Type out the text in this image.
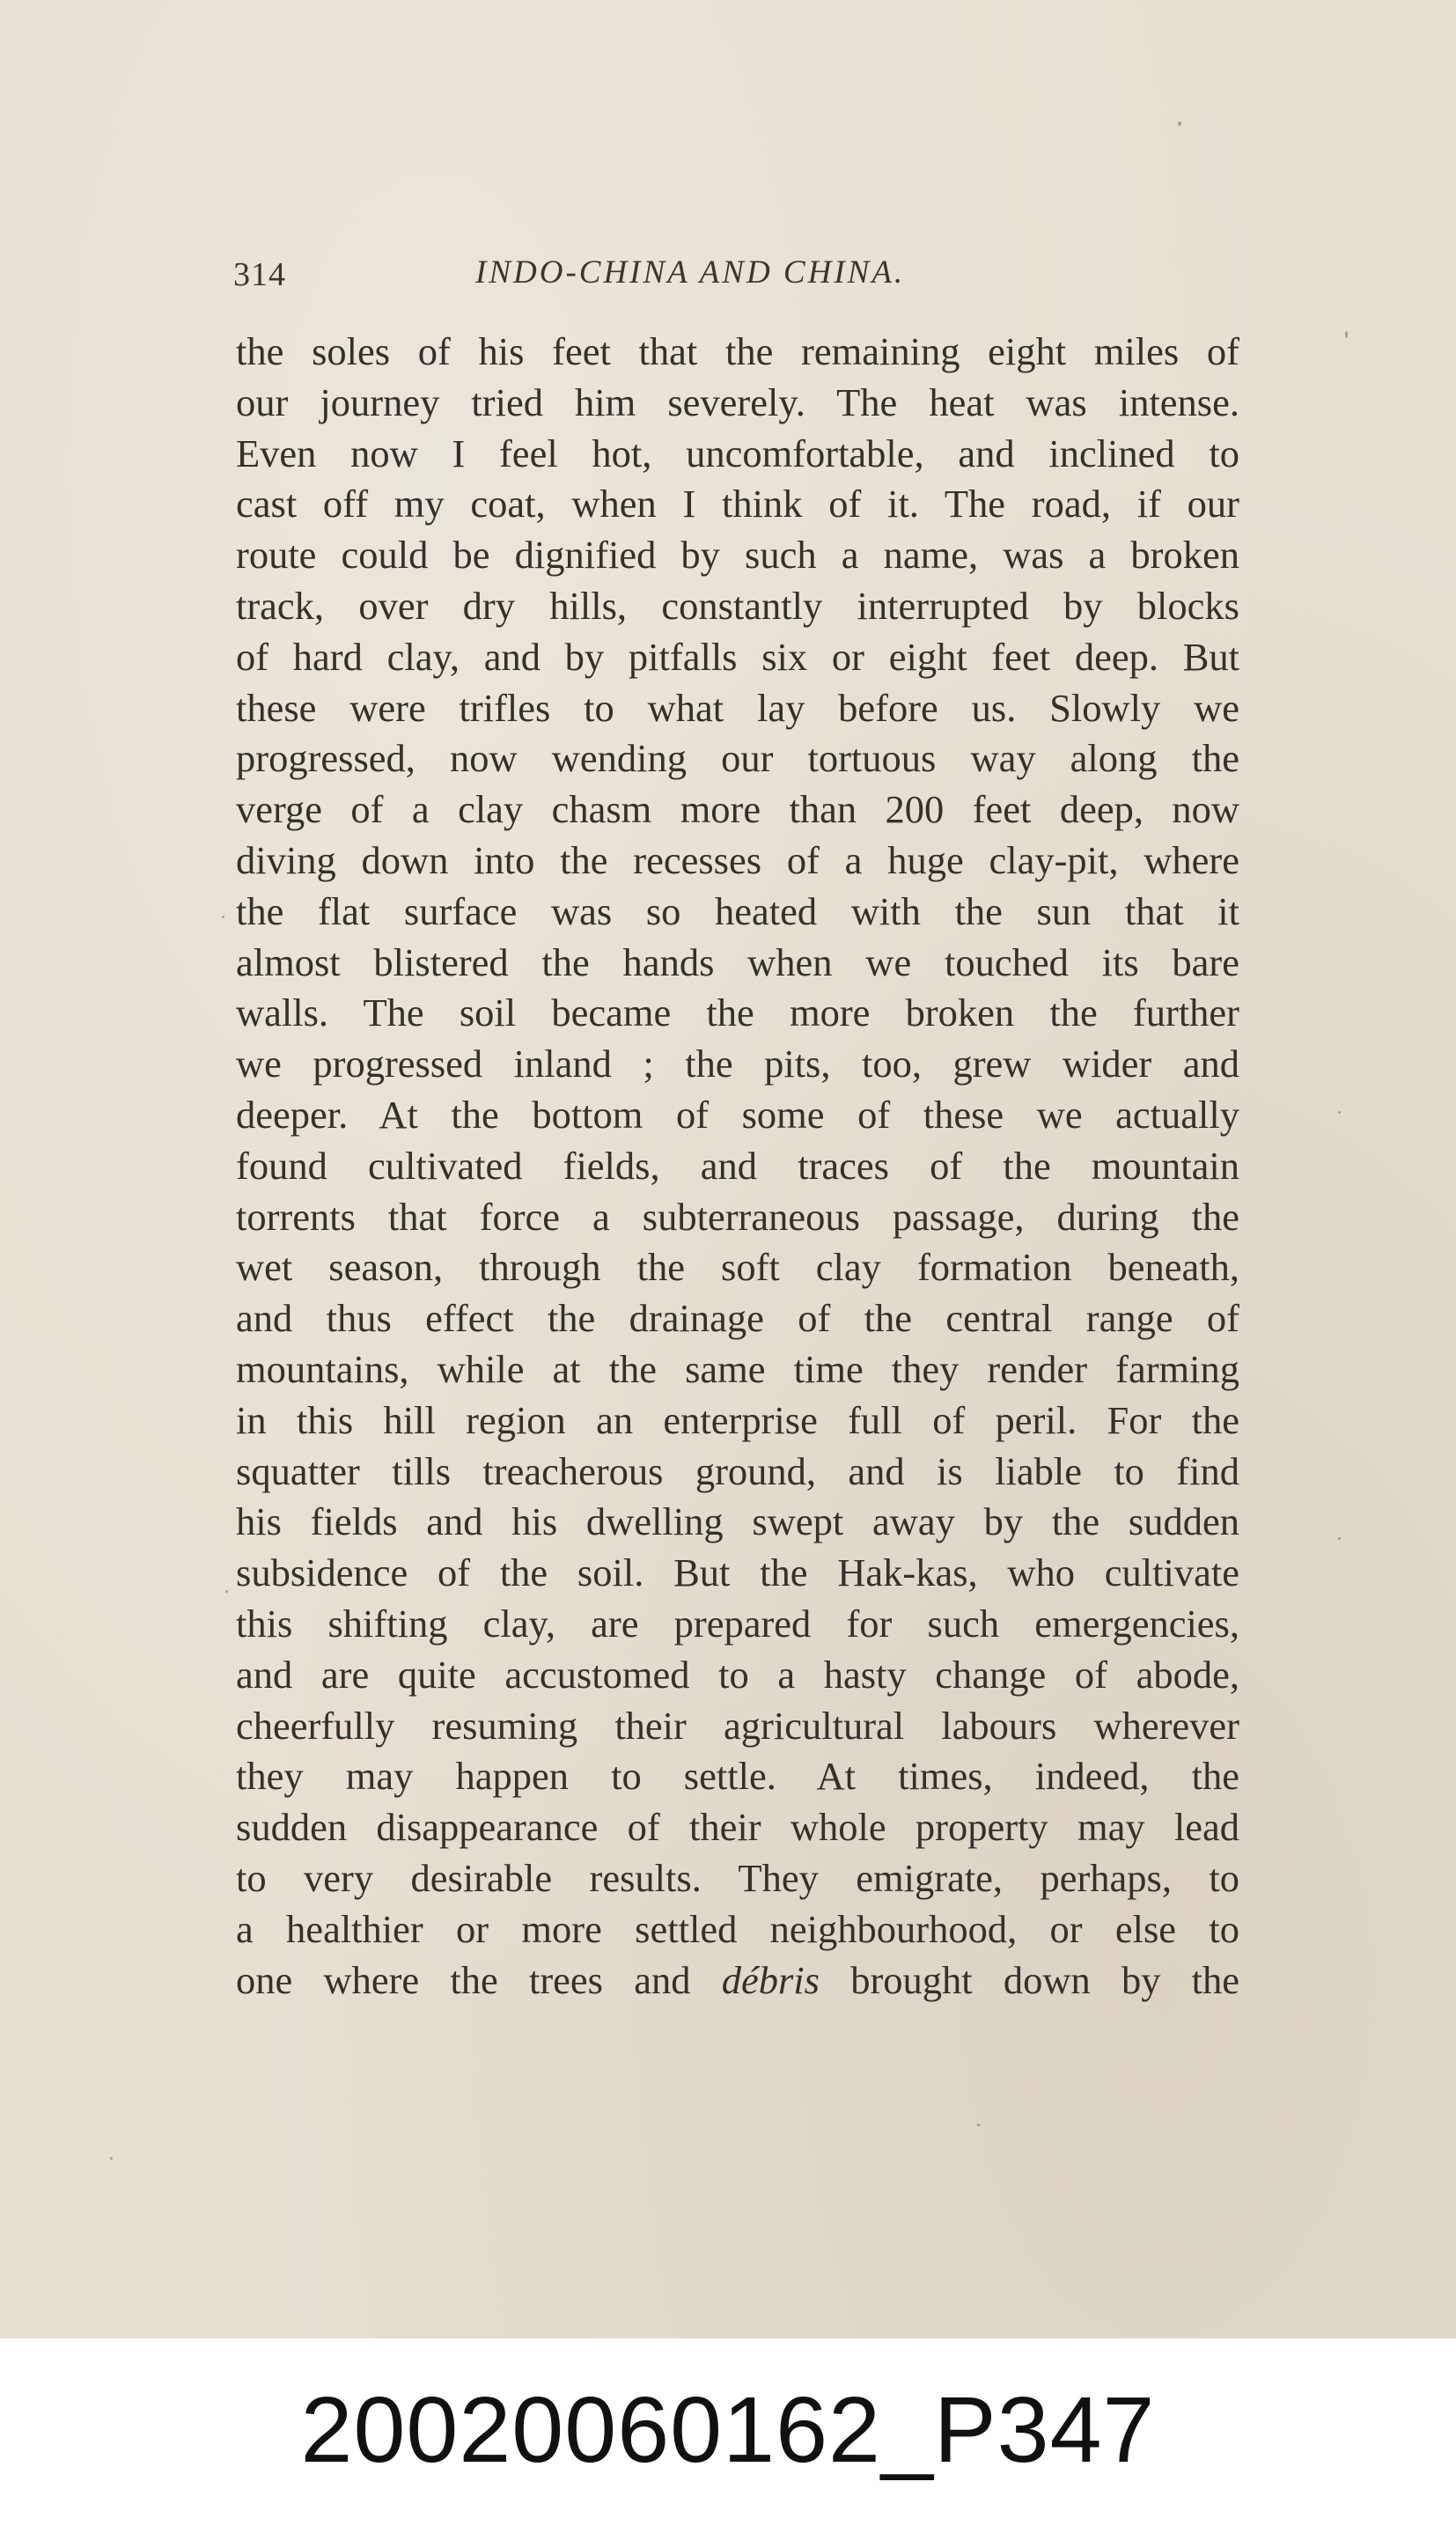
314	INDO-CHINA AND CHINA.
the soles of his feet that the remaining eight miles of
our journey tried him severely. The heat was intense.
Even now I feel hot, uncomfortable, and inclined to
cast off my coat, when I think of it. The road, if our
route could be dignified by such a name, was a broken
track, over dry hills, constantly interrupted by blocks
of hard clay, and by pitfalls six or eight feet deep. But
these were trifles to what lay before us. Slowly we
progressed, now wending our tortuous way along the
verge of a clay chasm more than 200 feet deep, now
diving down into the recesses of a huge clay-pit, where
the flat surface was so heated with the sun that it
almost blistered the hands when we touched its bare
walls. The soil became the more broken the further
we progressed inland ; the pits, too, grew wider and
deeper. At the bottom of some of these we actually
found cultivated fields, and traces of the mountain
torrents that force a subterraneous passage, during the
wet season, through the soft clay formation beneath,
and thus effect the drainage of the central range of
mountains, while at the same time they render farming
in this hill region an enterprise full of peril. For the
squatter tills treacherous ground, and is liable to find
his fields and his dwelling swept away by the sudden
subsidence of the soil. But the Hak-kas, who cultivate
this shifting clay, are prepared for such emergencies,
and are quite accustomed to a hasty change of abode,
cheerfully resuming their agricultural labours wherever
they may happen to settle. At times, indeed, the
sudden disappearance of their whole property may lead
to very desirable results. They emigrate, perhaps, to
a healthier or more settled neighbourhood, or else to
one where the trees and débris brought down by the
20020060162_P347
